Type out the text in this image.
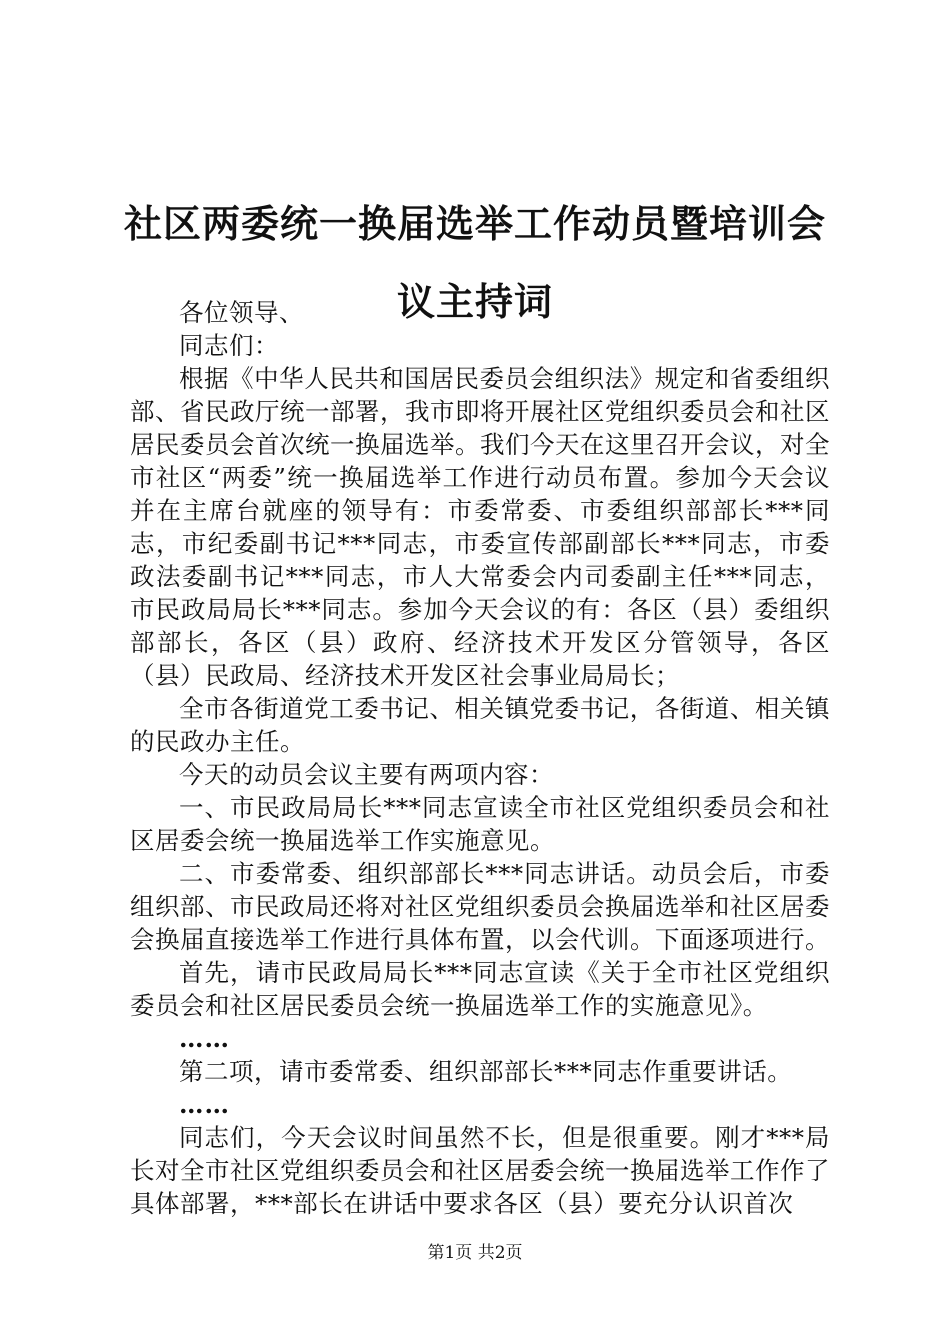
社区两委统一换届选举工作动员暨培训会议主持词

各位领导、

同志们：

根据《中华人民共和国居民委员会组织法》规定和省委组织部、省民政厅统一部署，我市即将开展社区党组织委员会和社区居民委员会首次统一换届选举。我们今天在这里召开会议，对全市社区“两委”统一换届选举工作进行动员布置。参加今天会议并在主席台就座的领导有：市委常委、市委组织部部长***同志，市纪委副书记***同志，市委宣传部副部长***同志，市委政法委副书记***同志，市人大常委会内司委副主任***同志，市民政局局长***同志。参加今天会议的有：各区（县）委组织部部长，各区（县）政府、经济技术开发区分管领导，各区（县）民政局、经济技术开发区社会事业局局长；

全市各街道党工委书记、相关镇党委书记，各街道、相关镇的民政办主任。

今天的动员会议主要有两项内容：

一、市民政局局长***同志宣读全市社区党组织委员会和社区居委会统一换届选举工作实施意见。

二、市委常委、组织部部长***同志讲话。动员会后，市委组织部、市民政局还将对社区党组织委员会换届选举和社区居委会换届直接选举工作进行具体布置，以会代训。下面逐项进行。

首先，请市民政局局长***同志宣读《关于全市社区党组织委员会和社区居民委员会统一换届选举工作的实施意见》。

……

第二项，请市委常委、组织部部长***同志作重要讲话。

……

同志们，今天会议时间虽然不长，但是很重要。刚才***局长对全市社区党组织委员会和社区居委会统一换届选举工作作了具体部署，***部长在讲话中要求各区（县）要充分认识首次

第1页 共2页
